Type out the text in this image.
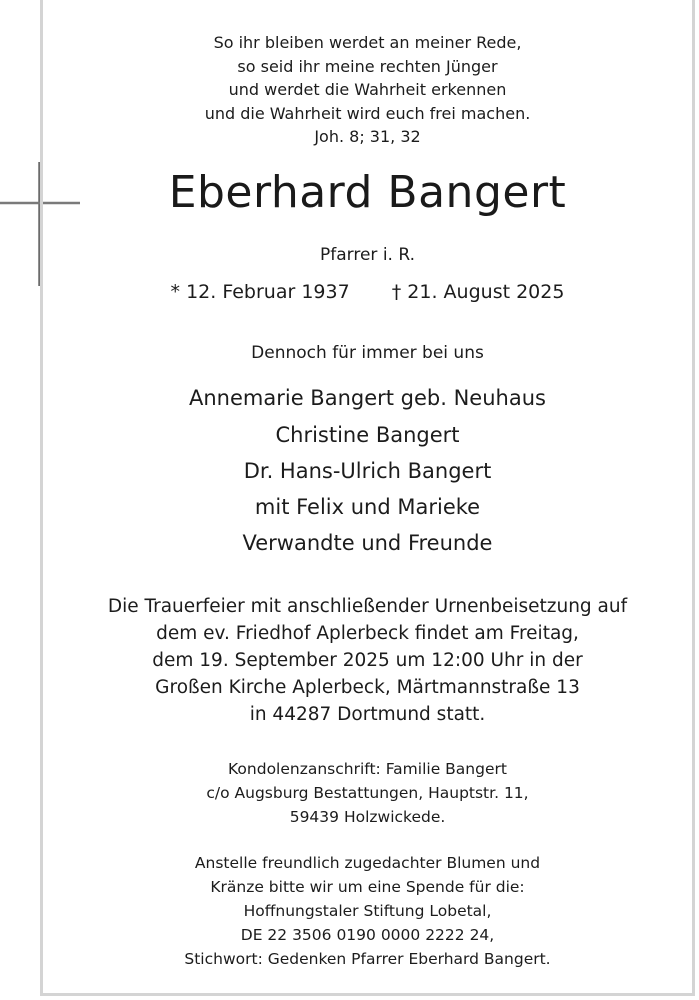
So ihr bleiben werdet an meiner Rede,
so seid ihr meine rechten Jünger
und werdet die Wahrheit erkennen
und die Wahrheit wird euch frei machen.
Joh. 8; 31, 32
Eberhard Bangert
Pfarrer i. R.
* 12. Februar 1937 † 21. August 2025
Dennoch für immer bei uns
Annemarie Bangert geb. Neuhaus
Christine Bangert
Dr. Hans-Ulrich Bangert
mit Felix und Marieke
Verwandte und Freunde
Die Trauerfeier mit anschließender Urnenbeisetzung auf
dem ev. Friedhof Aplerbeck findet am Freitag,
dem 19. September 2025 um 12:00 Uhr in der
Großen Kirche Aplerbeck, Märtmannstraße 13
in 44287 Dortmund statt.
Kondolenzanschrift: Familie Bangert
c/o Augsburg Bestattungen, Hauptstr. 11,
59439 Holzwickede.
Anstelle freundlich zugedachter Blumen und
Kränze bitte wir um eine Spende für die:
Hoffnungstaler Stiftung Lobetal,
DE 22 3506 0190 0000 2222 24,
Stichwort: Gedenken Pfarrer Eberhard Bangert.
